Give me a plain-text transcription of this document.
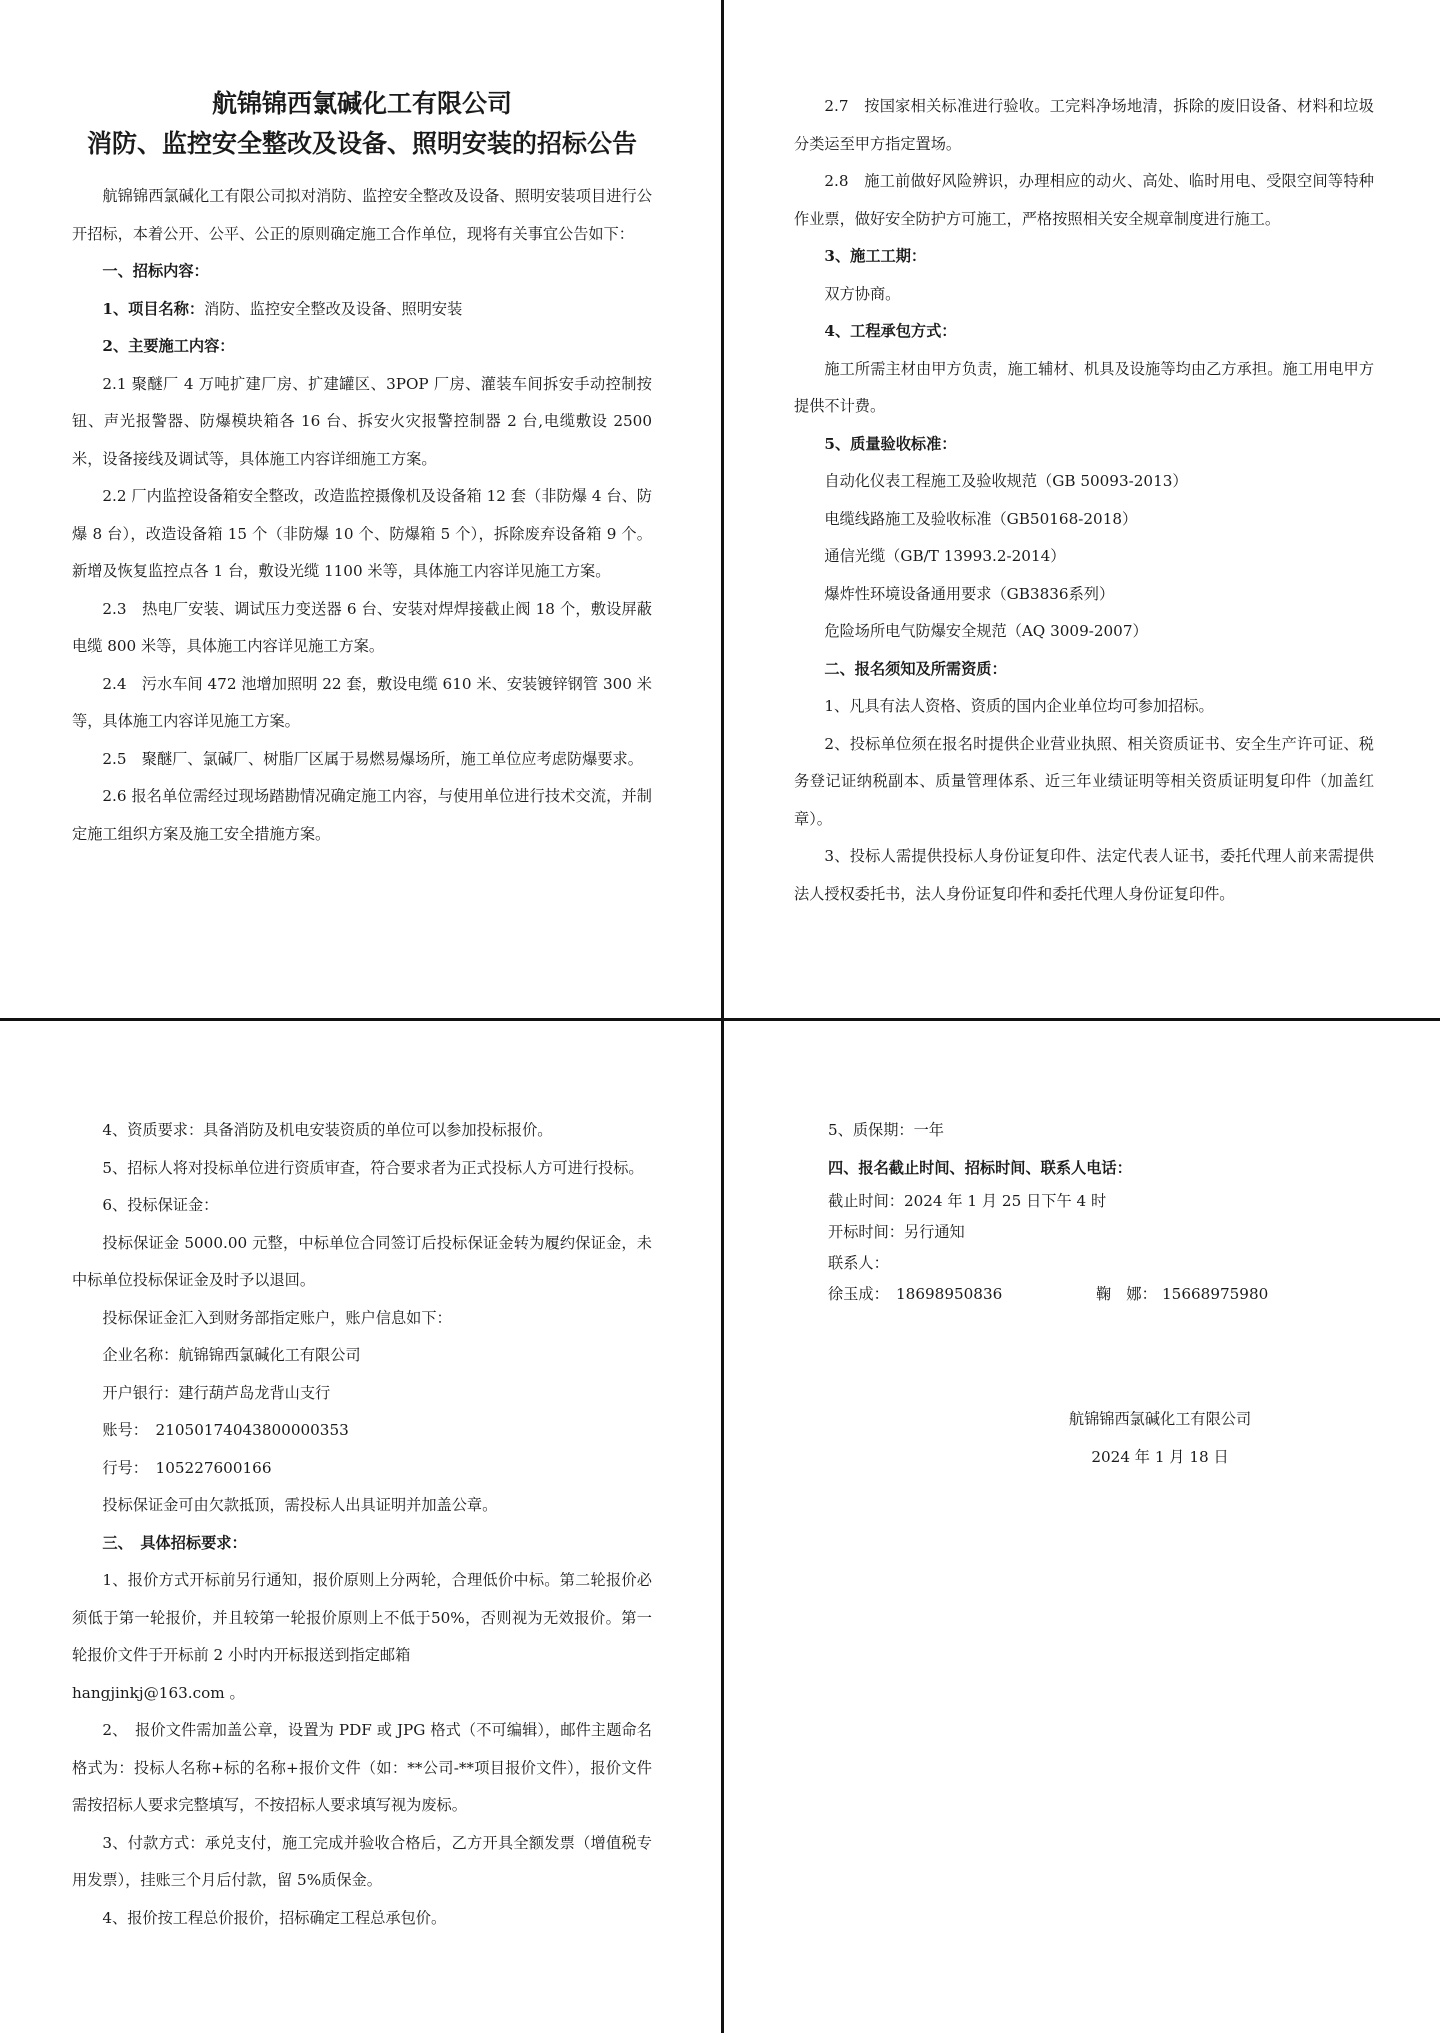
航锦锦西氯碱化工有限公司

消防、监控安全整改及设备、照明安装的招标公告

航锦锦西氯碱化工有限公司拟对消防、监控安全整改及设备、照明安装项目进行公开招标，本着公开、公平、公正的原则确定施工合作单位，现将有关事宜公告如下：

一、招标内容：

1、项目名称：消防、监控安全整改及设备、照明安装

2、主要施工内容：

2.1 聚醚厂 4 万吨扩建厂房、扩建罐区、3POP 厂房、灌装车间拆安手动控制按钮、声光报警器、防爆模块箱各 16 台、拆安火灾报警控制器 2 台,电缆敷设 2500 米，设备接线及调试等，具体施工内容详细施工方案。

2.2 厂内监控设备箱安全整改，改造监控摄像机及设备箱 12 套（非防爆 4 台、防爆 8 台），改造设备箱 15 个（非防爆 10 个、防爆箱 5 个），拆除废弃设备箱 9 个。新增及恢复监控点各 1 台，敷设光缆 1100 米等，具体施工内容详见施工方案。

2.3　热电厂安装、调试压力变送器 6 台、安装对焊焊接截止阀 18 个，敷设屏蔽电缆 800 米等，具体施工内容详见施工方案。

2.4　污水车间 472 池增加照明 22 套，敷设电缆 610 米、安装镀锌钢管 300 米等，具体施工内容详见施工方案。

2.5　聚醚厂、氯碱厂、树脂厂区属于易燃易爆场所，施工单位应考虑防爆要求。

2.6 报名单位需经过现场踏勘情况确定施工内容，与使用单位进行技术交流，并制定施工组织方案及施工安全措施方案。

2.7　按国家相关标准进行验收。工完料净场地清，拆除的废旧设备、材料和垃圾分类运至甲方指定置场。

2.8　施工前做好风险辨识，办理相应的动火、高处、临时用电、受限空间等特种作业票，做好安全防护方可施工，严格按照相关安全规章制度进行施工。

3、施工工期：

双方协商。

4、工程承包方式：

施工所需主材由甲方负责，施工辅材、机具及设施等均由乙方承担。施工用电甲方提供不计费。

5、质量验收标准：

自动化仪表工程施工及验收规范（GB 50093-2013）

电缆线路施工及验收标准（GB50168-2018）

通信光缆（GB/T 13993.2-2014）

爆炸性环境设备通用要求（GB3836系列）

危险场所电气防爆安全规范（AQ 3009-2007）

二、报名须知及所需资质：

1、凡具有法人资格、资质的国内企业单位均可参加招标。

2、投标单位须在报名时提供企业营业执照、相关资质证书、安全生产许可证、税务登记证纳税副本、质量管理体系、近三年业绩证明等相关资质证明复印件（加盖红章）。

3、投标人需提供投标人身份证复印件、法定代表人证书，委托代理人前来需提供法人授权委托书，法人身份证复印件和委托代理人身份证复印件。

4、资质要求：具备消防及机电安装资质的单位可以参加投标报价。

5、招标人将对投标单位进行资质审查，符合要求者为正式投标人方可进行投标。

6、投标保证金：

投标保证金 5000.00 元整，中标单位合同签订后投标保证金转为履约保证金，未中标单位投标保证金及时予以退回。

投标保证金汇入到财务部指定账户，账户信息如下：

企业名称：航锦锦西氯碱化工有限公司

开户银行：建行葫芦岛龙背山支行

账号：　21050174043800000353

行号：　105227600166

投标保证金可由欠款抵顶，需投标人出具证明并加盖公章。

三、　具体招标要求：

1、报价方式开标前另行通知，报价原则上分两轮，合理低价中标。第二轮报价必须低于第一轮报价，并且较第一轮报价原则上不低于50%，否则视为无效报价。第一轮报价文件于开标前 2 小时内开标报送到指定邮箱

hangjinkj@163.com 。

2、　报价文件需加盖公章，设置为 PDF 或 JPG 格式（不可编辑），邮件主题命名格式为：投标人名称+标的名称+报价文件（如：**公司-**项目报价文件），报价文件需按招标人要求完整填写，不按招标人要求填写视为废标。

3、付款方式：承兑支付，施工完成并验收合格后，乙方开具全额发票（增值税专用发票），挂账三个月后付款，留 5%质保金。

4、报价按工程总价报价，招标确定工程总承包价。

5、质保期：一年

四、报名截止时间、招标时间、联系人电话：

截止时间：2024 年 1 月 25 日下午 4 时
开标时间：另行通知
联系人：
徐玉成： 18698950836	鞠　娜： 15668975980
航锦锦西氯碱化工有限公司
2024 年 1 月 18 日
